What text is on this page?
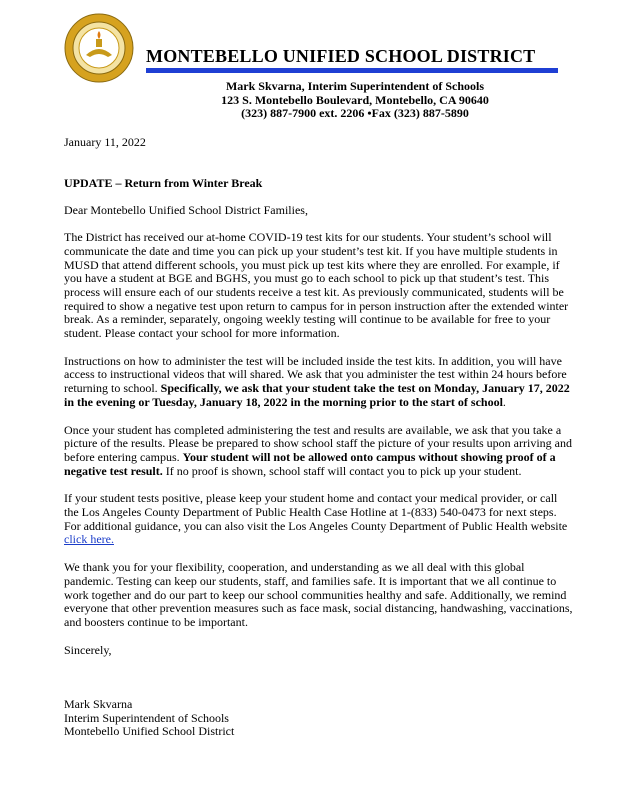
MONTEBELLO UNIFIED SCHOOL DISTRICT
Mark Skvarna, Interim Superintendent of Schools
123 S. Montebello Boulevard, Montebello, CA 90640
(323) 887-7900 ext. 2206 •Fax (323) 887-5890

January 11, 2022

UPDATE – Return from Winter Break

Dear Montebello Unified School District Families,

The District has received our at-home COVID-19 test kits for our students. Your student’s school will communicate the date and time you can pick up your student’s test kit. If you have multiple students in MUSD that attend different schools, you must pick up test kits where they are enrolled. For example, if you have a student at BGE and BGHS, you must go to each school to pick up that student’s test. This process will ensure each of our students receive a test kit. As previously communicated, students will be required to show a negative test upon return to campus for in person instruction after the extended winter break. As a reminder, separately, ongoing weekly testing will continue to be available for free to your student. Please contact your school for more information.

Instructions on how to administer the test will be included inside the test kits. In addition, you will have access to instructional videos that will shared. We ask that you administer the test within 24 hours before returning to school. Specifically, we ask that your student take the test on Monday, January 17, 2022 in the evening or Tuesday, January 18, 2022 in the morning prior to the start of school.

Once your student has completed administering the test and results are available, we ask that you take a picture of the results. Please be prepared to show school staff the picture of your results upon arriving and before entering campus. Your student will not be allowed onto campus without showing proof of a negative test result. If no proof is shown, school staff will contact you to pick up your student.

If your student tests positive, please keep your student home and contact your medical provider, or call the Los Angeles County Department of Public Health Case Hotline at 1-(833) 540-0473 for next steps. For additional guidance, you can also visit the Los Angeles County Department of Public Health website click here.

We thank you for your flexibility, cooperation, and understanding as we all deal with this global pandemic. Testing can keep our students, staff, and families safe. It is important that we all continue to work together and do our part to keep our school communities healthy and safe. Additionally, we remind everyone that other prevention measures such as face mask, social distancing, handwashing, vaccinations, and boosters continue to be important.

Sincerely,

Mark Skvarna
Interim Superintendent of Schools
Montebello Unified School District
